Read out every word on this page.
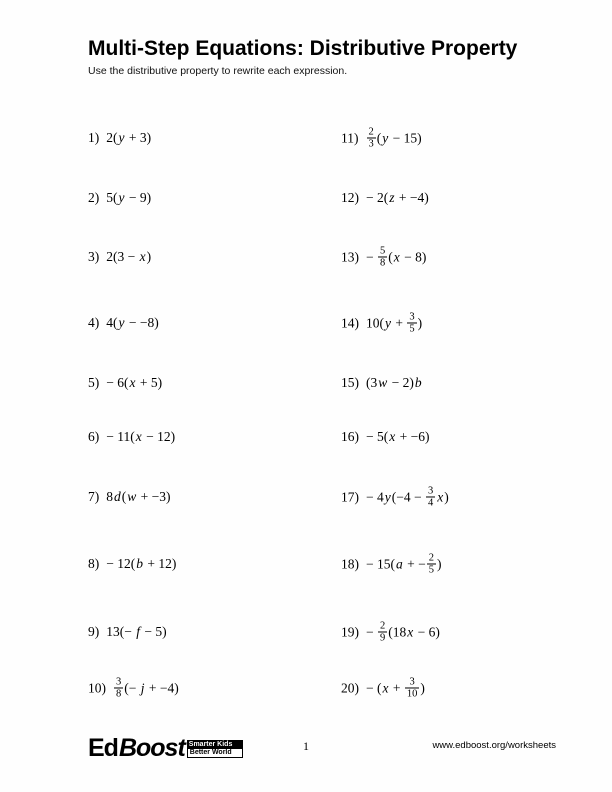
Multi-Step Equations: Distributive Property

Use the distributive property to rewrite each expression.

1) 2( y + 3)
2) 5( y − 9)
3) 2(3 − x )
4) 4( y − −8)
5) − 6( x + 5)
6) − 11( x − 12)
7) 8 d ( w + −3)
8) − 12( b + 12)
9) 13(− f − 5)
$10) \frac{3}{8}$ (− j + −4)
$11) \frac{2}{3}$ ( y − 15)
12) − 2( z + −4)
$13) - \frac{5}{8}$ ( x − 8)
14) 10( $y + \frac{3}{5}$ )
15) (3 w − 2) b
16) − 5( x + −6)
17) − 4 y ($-4 - \frac{3}{4}$ x )
18) − 15( a + − $\frac{2}{5}$ )
$19) - \frac{2}{9} (18$ x − 6)
20) − ( $x + \frac{3}{10}$ )
EdBoost Smarter Kids
Better World	1	www.edboost.org/worksheets
